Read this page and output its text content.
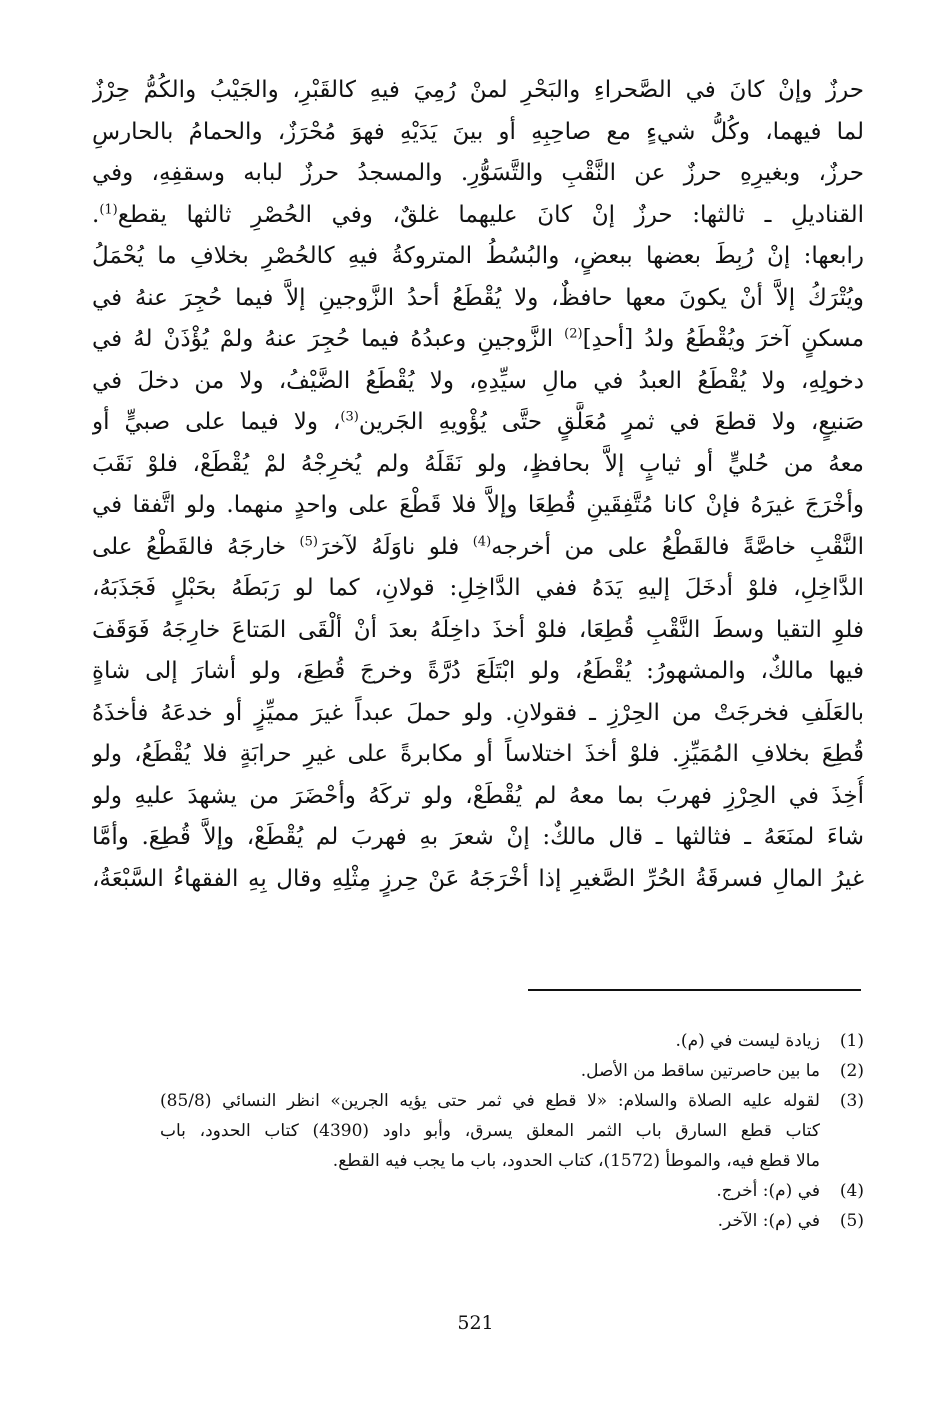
حرزٌ وإنْ كانَ في الصَّحراءِ والبَحْرِ لمنْ رُمِيَ فيهِ كالقَبْرِ، والجَيْبُ والكُمُّ حِرْزٌ
لما فيهما، وكُلُّ شيءٍ مع صاحِبِهِ أو بينَ يَدَيْهِ فهوَ مُحْرَزٌ، والحمامُ بالحارسِ
حرزٌ، وبغيرِهِ حرزٌ عن النَّقْبِ والتَّسَوُّرِ. والمسجدُ حرزٌ لبابه وسقفِهِ، وفي
القناديلِ ـ ثالثها: حرزٌ إنْ كانَ عليهما غلقٌ، وفي الحُصْرِ ثالثها يقطع$^{(1)}$.
رابعها: إنْ رُبِطَ بعضها ببعضٍ، والبُسُطُ المتروكةُ فيهِ كالحُصْرِ بخلافِ ما يُحْمَلُ
ويُتْرَكُ إلاَّ أنْ يكونَ معها حافظٌ، ولا يُقْطَعُ أحدُ الزَّوجينِ إلاَّ فيما حُجِرَ عنهُ في
مسكنٍ آخرَ ويُقْطَعُ ولدُ [أحدِ]$^{(2)}$ الزَّوجينِ وعبدُهُ فيما حُجِرَ عنهُ ولمْ يُؤْذَنْ لهُ في
دخولِهِ، ولا يُقْطَعُ العبدُ في مالِ سيِّدِهِ، ولا يُقْطَعُ الضَّيْفُ، ولا من دخلَ في
صَنيعٍ، ولا قطعَ في ثمرٍ مُعَلَّقٍ حتَّى يُؤْويهِ الجَرين$^{(3)}$، ولا فيما على صبيٍّ أو
معهُ من حُليٍّ أو ثيابٍ إلاَّ بحافظٍ، ولو نَقَلَهُ ولم يُخرِجْهُ لمْ يُقْطَعْ، فلوْ نَقَبَ
وأخْرَجَ غيرَهُ فإنْ كانا مُتَّفِقَينِ قُطِعَا وإلاَّ فلا قَطْعَ على واحدٍ منهما. ولو اتَّفقا في
النَّقْبِ خاصَّةً فالقَطْعُ على من أخرجه$^{(4)}$ فلو ناوَلَهُ لآخرَ$^{(5)}$ خارجَهُ فالقَطْعُ على
الدَّاخِلِ، فلوْ أدخَلَ إليهِ يَدَهُ ففي الدَّاخِلِ: قولانِ، كما لو رَبَطَهُ بحَبْلٍ فَجَذَبَهُ،
فلوِ التقيا وسطَ النَّقْبِ قُطِعَا، فلوْ أخذَ داخِلَهُ بعدَ أنْ ألْقَى المَتاعَ خارِجَهُ فَوَقَفَ
فيها مالكٌ، والمشهورُ: يُقْطَعُ، ولو ابْتَلَعَ دُرَّةً وخرجَ قُطِعَ، ولو أشارَ إلى شاةٍ
بالعَلَفِ فخرجَتْ من الحِرْزِ ـ فقولانِ. ولو حملَ عبداً غيرَ مميِّزٍ أو خدعَهُ فأخذَهُ
قُطِعَ بخلافِ المُمَيِّزِ. فلوْ أخذَ اختلاساً أو مكابرةً على غيرِ حرابَةٍ فلا يُقْطَعُ، ولو
أُخِذَ في الحِرْزِ فهربَ بما معهُ لم يُقْطَعْ، ولو تركَهُ وأحْضَرَ من يشهدَ عليهِ ولو
شاءَ لمنَعَهُ ـ فثالثها ـ قال مالكٌ: إنْ شعرَ بهِ فهربَ لم يُقْطَعْ، وإلاَّ قُطِعَ. وأمَّا
غيرُ المالِ فسرقَةُ الحُرِّ الصَّغيرِ إذا أخْرَجَهُ عَنْ حِرزٍ مِثْلِهِ وقال بِهِ الفقهاءُ السَّبْعَةُ،
(1)
زيادة ليست في (م).
(2)
ما بين حاصرتين ساقط من الأصل.
(3)
لقوله عليه الصلاة والسلام: «لا قطع في ثمر حتى يؤيه الجرين» انظر النسائي (85/8)
كتاب قطع السارق باب الثمر المعلق يسرق، وأبو داود (4390) كتاب الحدود، باب
مالا قطع فيه، والموطأ (1572)، كتاب الحدود، باب ما يجب فيه القطع.
(4)
في (م): أخرج.
(5)
في (م): الآخر.
521
